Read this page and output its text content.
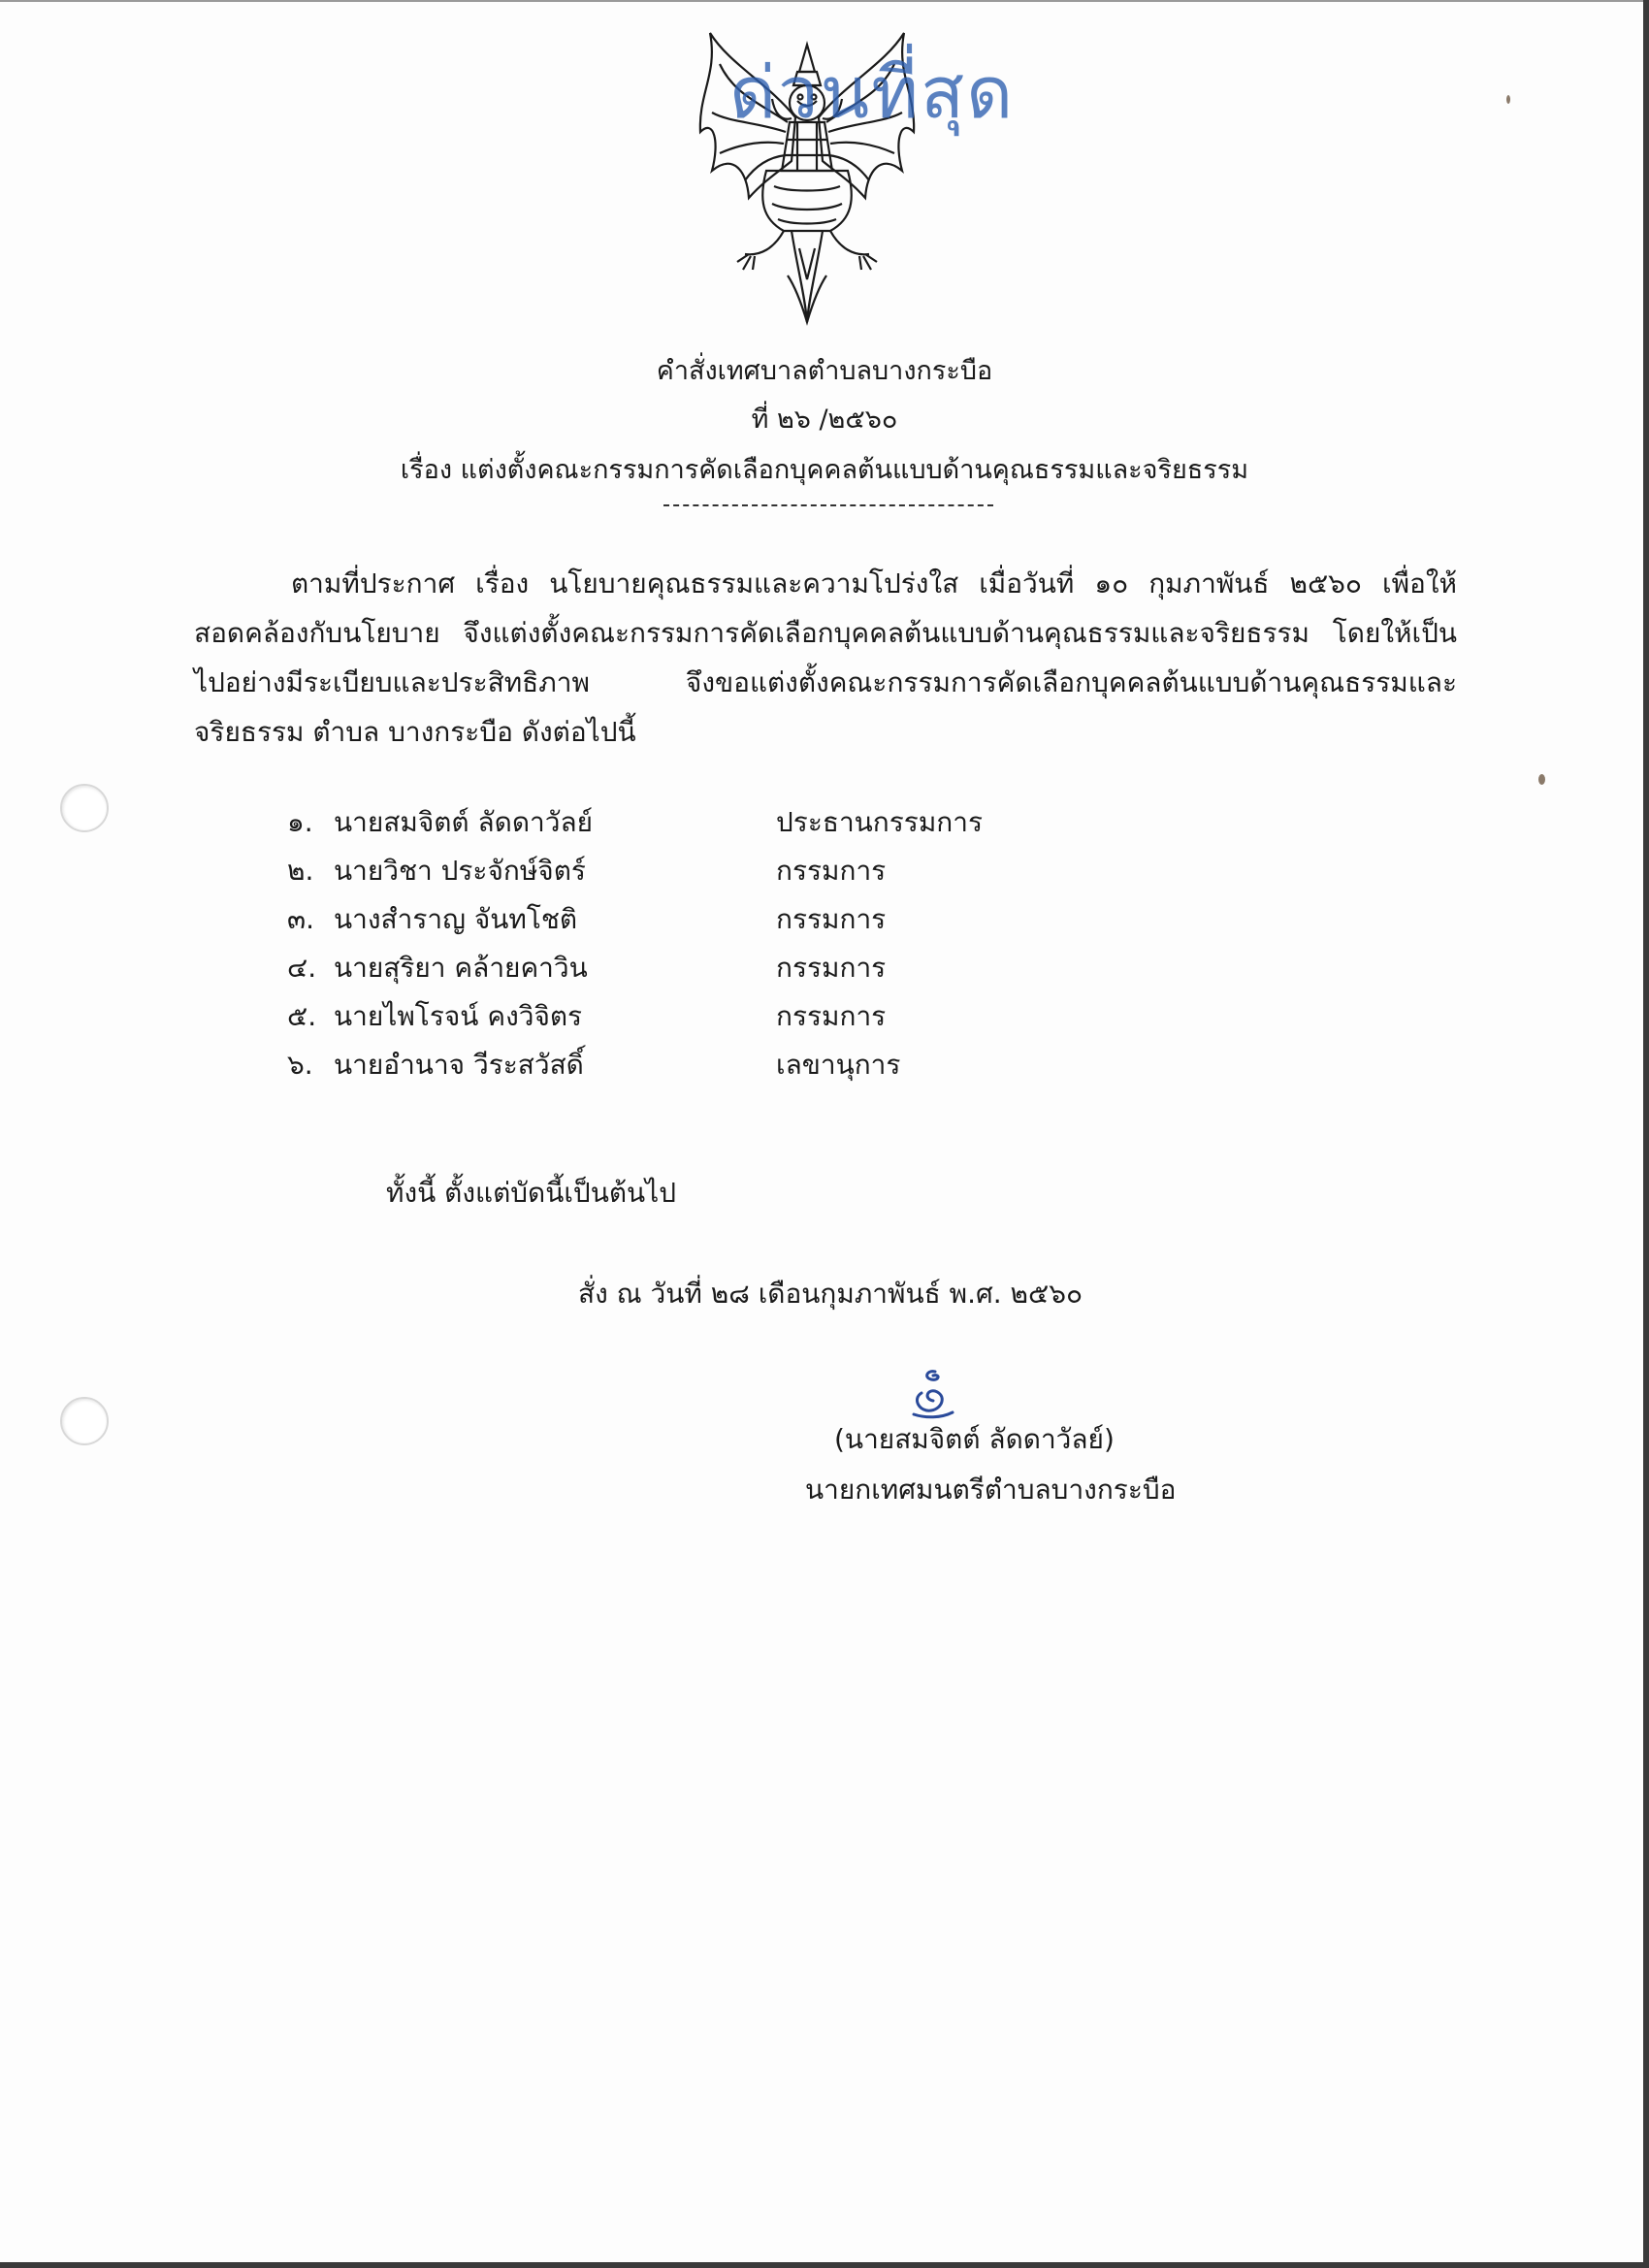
ด่วนที่สุด
คำสั่งเทศบาลตำบลบางกระบือ
ที่ ๒๖ /๒๕๖๐
เรื่อง แต่งตั้งคณะกรรมการคัดเลือกบุคคลต้นแบบด้านคุณธรรมและจริยธรรม
ตามที่ประกาศ เรื่อง นโยบายคุณธรรมและความโปร่งใส เมื่อวันที่ ๑๐ กุมภาพันธ์ ๒๕๖๐ เพื่อให้สอดคล้องกับนโยบาย จึงแต่งตั้งคณะกรรมการคัดเลือกบุคคลต้นแบบด้านคุณธรรมและจริยธรรม โดยให้เป็นไปอย่างมีระเบียบและประสิทธิภาพ จึงขอแต่งตั้งคณะกรรมการคัดเลือกบุคคลต้นแบบด้านคุณธรรมและจริยธรรม ตำบล บางกระบือ ดังต่อไปนี้
๑. นายสมจิตต์ ลัดดาวัลย์	ประธานกรรมการ
๒. นายวิชา ประจักษ์จิตร์	กรรมการ
๓. นางสำราญ จันทโชติ	กรรมการ
๔. นายสุริยา คล้ายคาวิน	กรรมการ
๕. นายไพโรจน์ คงวิจิตร	กรรมการ
๖. นายอำนาจ วีระสวัสดิ์	เลขานุการ
ทั้งนี้ ตั้งแต่บัดนี้เป็นต้นไป
สั่ง ณ วันที่ ๒๘ เดือนกุมภาพันธ์ พ.ศ. ๒๕๖๐
(นายสมจิตต์ ลัดดาวัลย์)
นายกเทศมนตรีตำบลบางกระบือ
